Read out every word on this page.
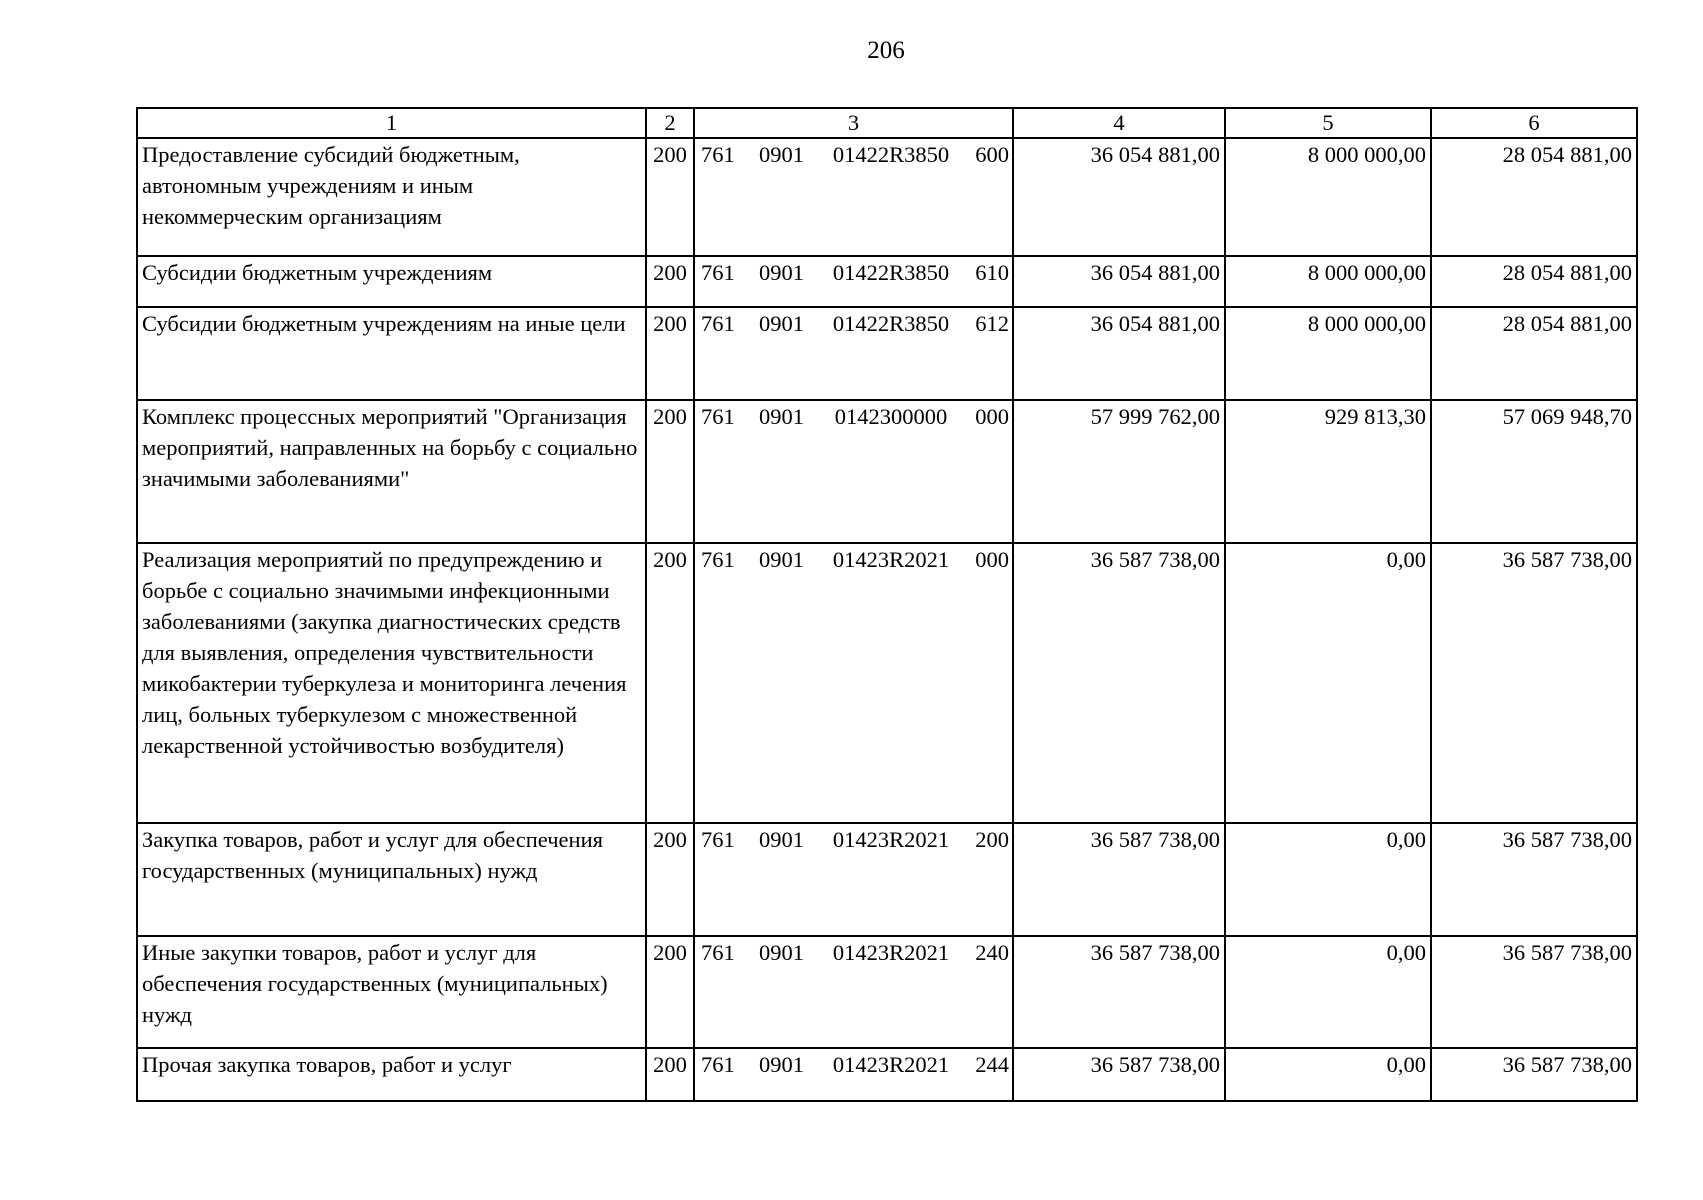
206
1	2	3	4	5	6
Предоставление субсидий бюджетным, автономным учреждениям и иным некоммерческим организациям	200	761 0901 01422R3850 600	36 054 881,00	8 000 000,00	28 054 881,00
Субсидии бюджетным учреждениям	200	761 0901 01422R3850 610	36 054 881,00	8 000 000,00	28 054 881,00
Субсидии бюджетным учреждениям на иные цели	200	761 0901 01422R3850 612	36 054 881,00	8 000 000,00	28 054 881,00
Комплекс процессных мероприятий "Организация мероприятий, направленных на борьбу с социально значимыми заболеваниями"	200	761 0901 0142300000 000	57 999 762,00	929 813,30	57 069 948,70
Реализация мероприятий по предупреждению и борьбе с социально значимыми инфекционными заболеваниями (закупка диагностических средств для выявления, определения чувствительности микобактерии туберкулеза и мониторинга лечения лиц, больных туберкулезом с множественной лекарственной устойчивостью возбудителя)	200	761 0901 01423R2021 000	36 587 738,00	0,00	36 587 738,00
Закупка товаров, работ и услуг для обеспечения государственных (муниципальных) нужд	200	761 0901 01423R2021 200	36 587 738,00	0,00	36 587 738,00
Иные закупки товаров, работ и услуг для обеспечения государственных (муниципальных) нужд	200	761 0901 01423R2021 240	36 587 738,00	0,00	36 587 738,00
Прочая закупка товаров, работ и услуг	200	761 0901 01423R2021 244	36 587 738,00	0,00	36 587 738,00
